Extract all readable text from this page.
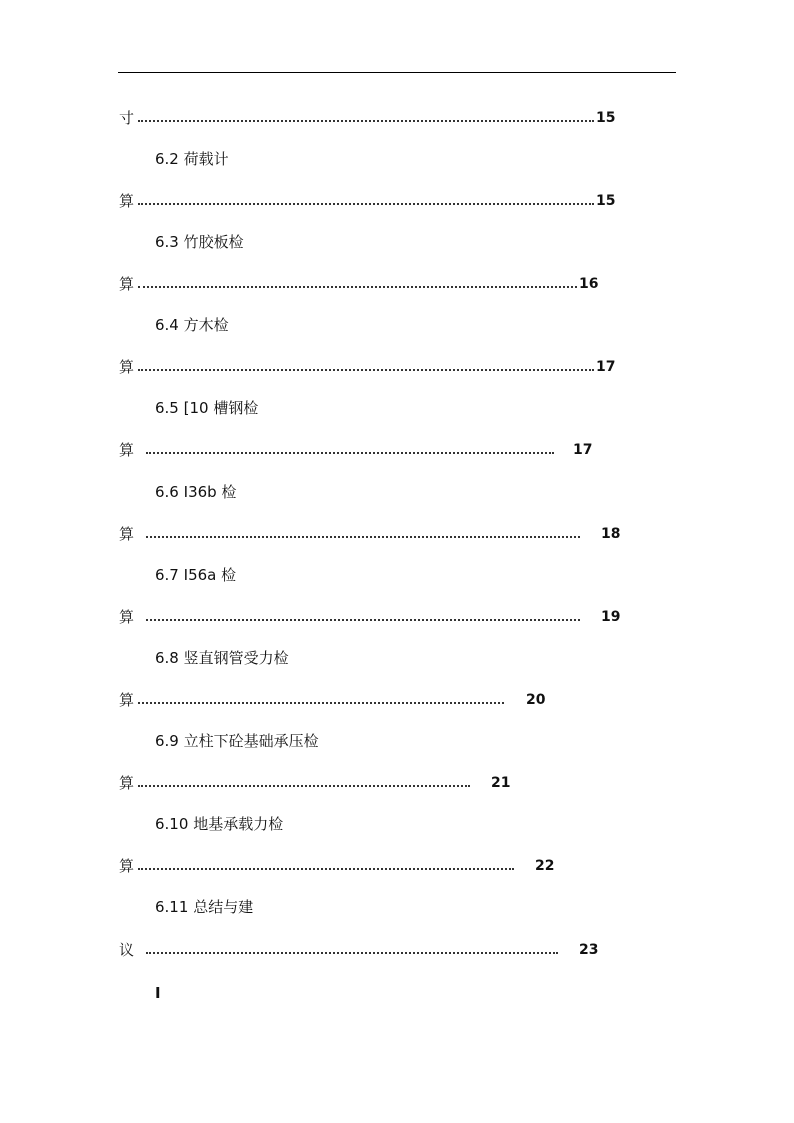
寸	15
6.2 荷载计
算	15
6.3 竹胶板检
算	16
6.4 方木检
算	17
6.5 [10 槽钢检
算	17
6.6 I36b 检
算	18
6.7 I56a 检
算	19
6.8 竖直钢管受力检
算	20
6.9 立柱下砼基础承压检
算	21
6.10 地基承载力检
算	22
6.11 总结与建
议	23
I
